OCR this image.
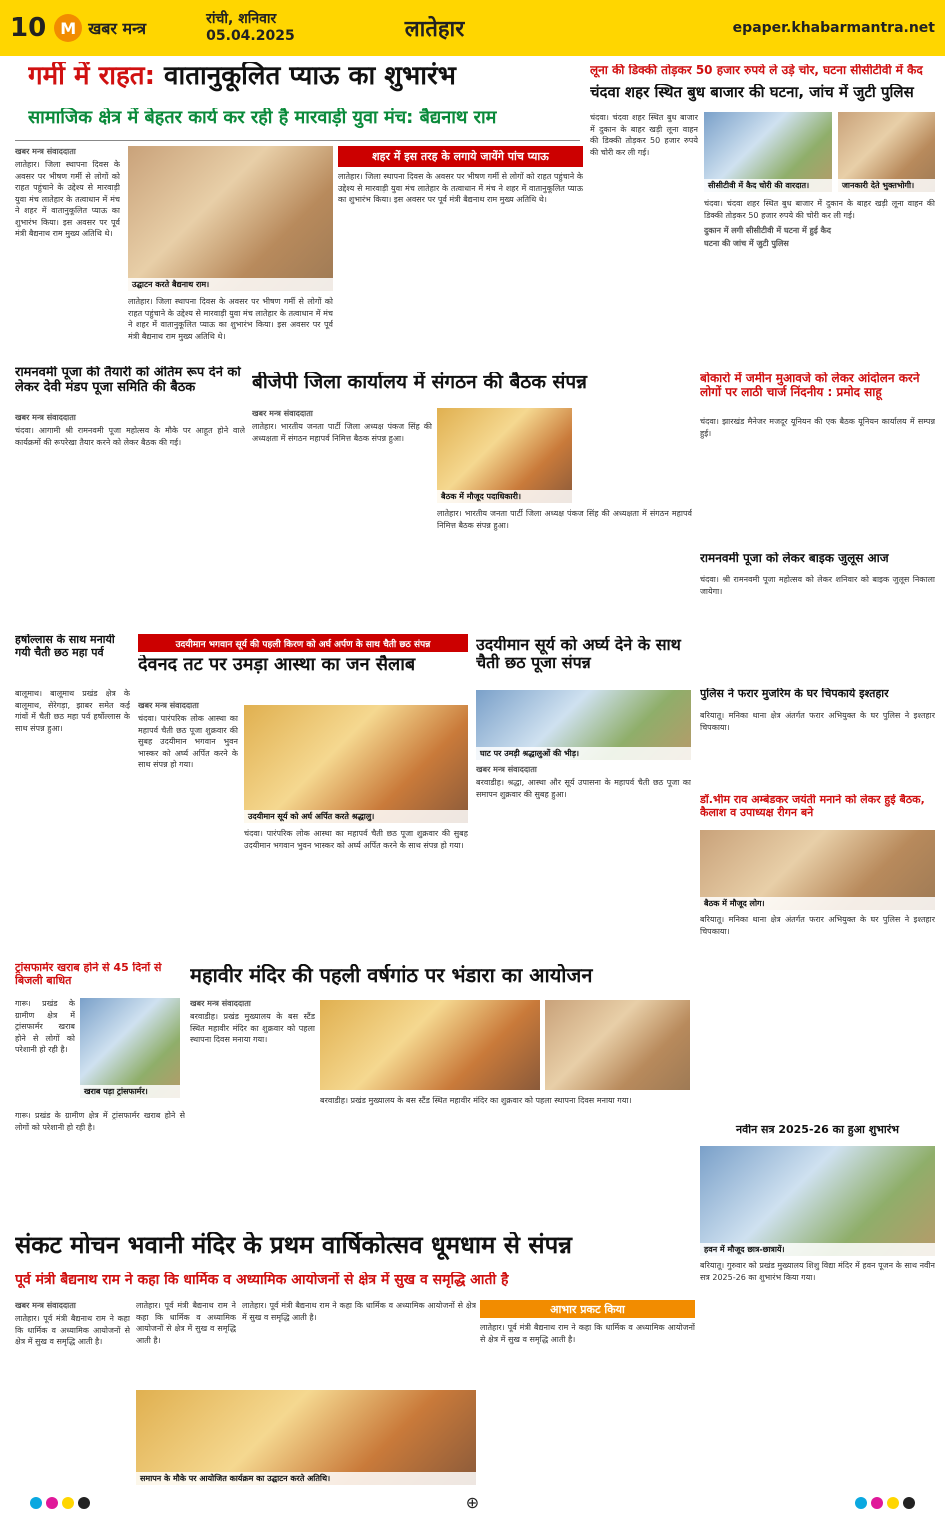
10 M खबर मन्त्र	रांची, शनिवार
05.04.2025	लातेहार	epaper.khabarmantra.net
गर्मी में राहत: वातानुकूलित प्याऊ का शुभारंभ
सामाजिक क्षेत्र में बेहतर कार्य कर रही है मारवाड़ी युवा मंच: बैद्यनाथ राम
खबर मन्त्र संवाददाता
लातेहार। जिला स्थापना दिवस के अवसर पर भीषण गर्मी से लोगों को राहत पहुंचाने के उद्देश्य से मारवाड़ी युवा मंच लातेहार के तत्वाधान में मंच ने शहर में वातानुकूलित प्याऊ का शुभारंभ किया। इस अवसर पर पूर्व मंत्री बैद्यनाथ राम मुख्य अतिथि थे।
उद्घाटन करते बैद्यनाथ राम।
लातेहार। जिला स्थापना दिवस के अवसर पर भीषण गर्मी से लोगों को राहत पहुंचाने के उद्देश्य से मारवाड़ी युवा मंच लातेहार के तत्वाधान में मंच ने शहर में वातानुकूलित प्याऊ का शुभारंभ किया। इस अवसर पर पूर्व मंत्री बैद्यनाथ राम मुख्य अतिथि थे।
शहर में इस तरह के लगाये जायेंगे पांच प्याऊ
लातेहार। जिला स्थापना दिवस के अवसर पर भीषण गर्मी से लोगों को राहत पहुंचाने के उद्देश्य से मारवाड़ी युवा मंच लातेहार के तत्वाधान में मंच ने शहर में वातानुकूलित प्याऊ का शुभारंभ किया। इस अवसर पर पूर्व मंत्री बैद्यनाथ राम मुख्य अतिथि थे।
लूना की डिक्की तोड़कर 50 हजार रुपये ले उड़े चोर, घटना सीसीटीवी में कैद
चंदवा शहर स्थित बुध बाजार की घटना, जांच में जुटी पुलिस
चंदवा। चंदवा शहर स्थित बुध बाजार में दुकान के बाहर खड़ी लूना वाहन की डिक्की तोड़कर 50 हजार रुपये की चोरी कर ली गई।
सीसीटीवी में कैद चोरी की वारदात।	जानकारी देते भुक्तभोगी।
चंदवा। चंदवा शहर स्थित बुध बाजार में दुकान के बाहर खड़ी लूना वाहन की डिक्की तोड़कर 50 हजार रुपये की चोरी कर ली गई।
दुकान में लगी सीसीटीवी में घटना में हुई कैद
घटना की जांच में जुटी पुलिस
रामनवमी पूजा की तैयारी को अंतिम रूप देने को लेकर देवी मंडप पूजा समिति की बैठक
खबर मन्त्र संवाददाता
चंदवा। आगामी श्री रामनवमी पूजा महोत्सव के मौके पर आहूत होने वाले कार्यक्रमों की रूपरेखा तैयार करने को लेकर बैठक की गई।
बीजेपी जिला कार्यालय में संगठन की बैठक संपन्न
खबर मन्त्र संवाददाता
लातेहार। भारतीय जनता पार्टी जिला अध्यक्ष पंकज सिंह की अध्यक्षता में संगठन महापर्व निमित्त बैठक संपन्न हुआ।
बैठक में मौजूद पदाधिकारी।
लातेहार। भारतीय जनता पार्टी जिला अध्यक्ष पंकज सिंह की अध्यक्षता में संगठन महापर्व निमित्त बैठक संपन्न हुआ।
बोकारो में जमीन मुआवजे को लेकर आंदोलन करने लोगों पर लाठी चार्ज निंदनीय : प्रमोद साहू
चंदवा। झारखंड मैनेजर मजदूर यूनियन की एक बैठक यूनियन कार्यालय में सम्पन्न हुई।
रामनवमी पूजा को लेकर बाइक जुलूस आज
चंदवा। श्री रामनवमी पूजा महोत्सव को लेकर शनिवार को बाइक जुलूस निकाला जायेगा।
हर्षोल्लास के साथ मनायी गयी चैती छठ महा पर्व
बालूमाथ। बालूमाथ प्रखंड क्षेत्र के बालूमाथ, सेरेगड़ा, झाबर समेत कई गांवों में चैती छठ महा पर्व हर्षोल्लास के साथ संपन्न हुआ।
उदयीमान भगवान सूर्य की पहली किरण को अर्घ अर्पण के साथ चैती छठ संपन्न
देवनद तट पर उमड़ा आस्था का जन सैलाब
खबर मन्त्र संवाददाता
चंदवा। पारंपरिक लोक आस्था का महापर्व चैती छठ पूजा शुक्रवार की सुबह उदयीमान भगवान भुवन भास्कर को अर्घ्य अर्पित करने के साथ संपन्न हो गया।
उदयीमान सूर्य को अर्घ अर्पित करते श्रद्धालु।
चंदवा। पारंपरिक लोक आस्था का महापर्व चैती छठ पूजा शुक्रवार की सुबह उदयीमान भगवान भुवन भास्कर को अर्घ्य अर्पित करने के साथ संपन्न हो गया।
उदयीमान सूर्य को अर्घ्य देने के साथ चैती छठ पूजा संपन्न
घाट पर उमड़ी श्रद्धालुओं की भीड़।
खबर मन्त्र संवाददाता
बरवाडीह। श्रद्धा, आस्था और सूर्य उपासना के महापर्व चैती छठ पूजा का समापन शुक्रवार की सुबह हुआ।
पुलिस ने फरार मुजरिम के घर चिपकाये इश्तहार
बरियातू। मनिका थाना क्षेत्र अंतर्गत फरार अभियुक्त के घर पुलिस ने इश्तहार चिपकाया।
डॉ.भीम राव अम्बेडकर जयंती मनाने को लेकर हुई बैठक, कैलाश व उपाध्यक्ष रीगन बने
बैठक में मौजूद लोग।
बरियातू। मनिका थाना क्षेत्र अंतर्गत फरार अभियुक्त के घर पुलिस ने इश्तहार चिपकाया।
ट्रांसफार्मर खराब होने से 45 दिनों से बिजली बाधित
गारू। प्रखंड के ग्रामीण क्षेत्र में ट्रांसफार्मर खराब होने से लोगों को परेशानी हो रही है।
खराब पड़ा ट्रांसफार्मर।
गारू। प्रखंड के ग्रामीण क्षेत्र में ट्रांसफार्मर खराब होने से लोगों को परेशानी हो रही है।
महावीर मंदिर की पहली वर्षगांठ पर भंडारा का आयोजन
खबर मन्त्र संवाददाता
बरवाडीह। प्रखंड मुख्यालय के बस स्टैंड स्थित महावीर मंदिर का शुक्रवार को पहला स्थापना दिवस मनाया गया।
बरवाडीह। प्रखंड मुख्यालय के बस स्टैंड स्थित महावीर मंदिर का शुक्रवार को पहला स्थापना दिवस मनाया गया।
नवीन सत्र 2025-26 का हुआ शुभारंभ
हवन में मौजूद छात्र-छात्रायें।
बरियातू। गुरुवार को प्रखंड मुख्यालय शिशु विद्या मंदिर में हवन पूजन के साथ नवीन सत्र 2025-26 का शुभारंभ किया गया।
संकट मोचन भवानी मंदिर के प्रथम वार्षिकोत्सव धूमधाम से संपन्न
पूर्व मंत्री बैद्यनाथ राम ने कहा कि धार्मिक व अध्यामिक आयोजनों से क्षेत्र में सुख व समृद्धि आती है
खबर मन्त्र संवाददाता
लातेहार। पूर्व मंत्री बैद्यनाथ राम ने कहा कि धार्मिक व अध्यामिक आयोजनों से क्षेत्र में सुख व समृद्धि आती है।
लातेहार। पूर्व मंत्री बैद्यनाथ राम ने कहा कि धार्मिक व अध्यामिक आयोजनों से क्षेत्र में सुख व समृद्धि आती है।
समापन के मौके पर आयोजित कार्यक्रम का उद्घाटन करते अतिथि।
लातेहार। पूर्व मंत्री बैद्यनाथ राम ने कहा कि धार्मिक व अध्यामिक आयोजनों से क्षेत्र में सुख व समृद्धि आती है।
आभार प्रकट किया
लातेहार। पूर्व मंत्री बैद्यनाथ राम ने कहा कि धार्मिक व अध्यामिक आयोजनों से क्षेत्र में सुख व समृद्धि आती है।
⊕
